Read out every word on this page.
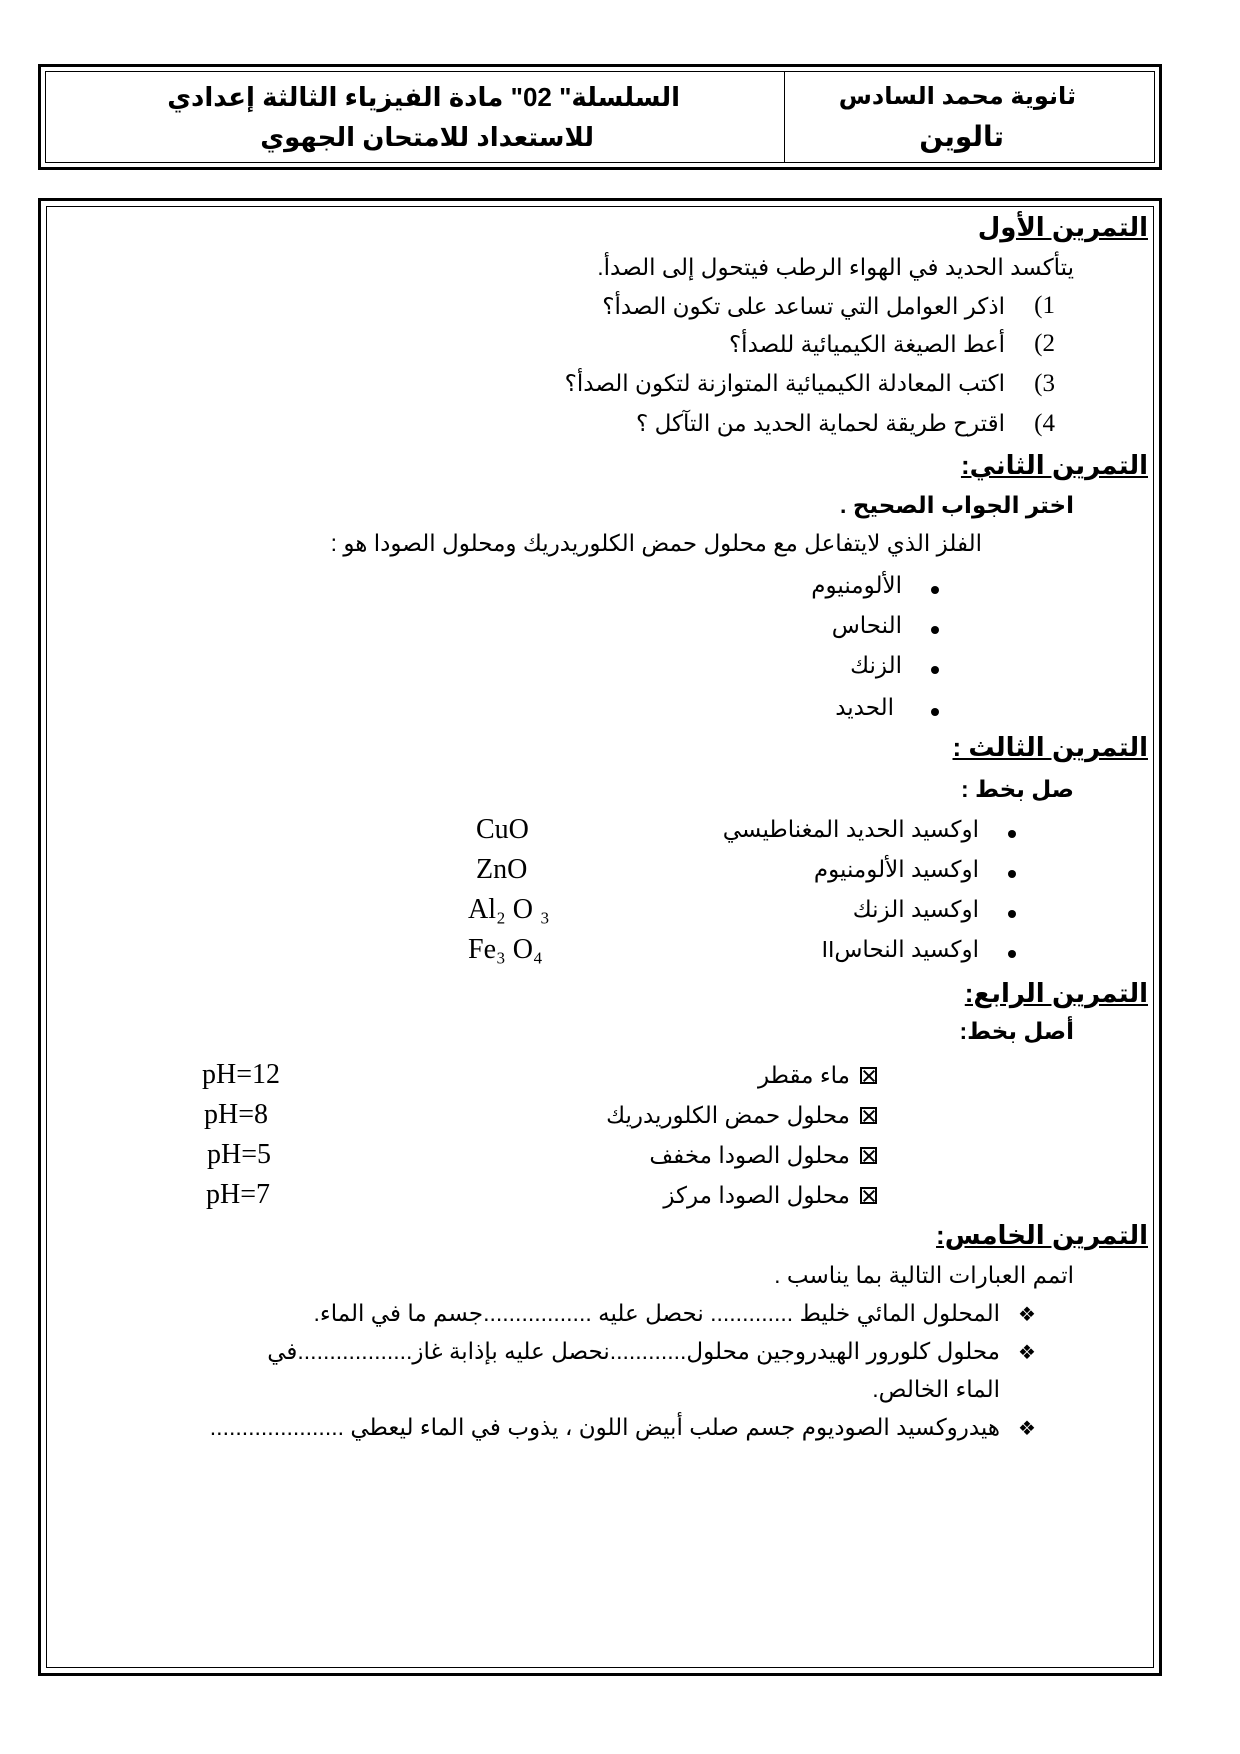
السلسلة" 02" مادة الفيزياء الثالثة إعدادي
للاستعداد للامتحان الجهوي
ثانوية محمد السادس
تالوين
التمرين الأول
يتأكسد الحديد في الهواء الرطب فيتحول إلى الصدأ.
1)
اذكر العوامل التي تساعد على تكون الصدأ؟
2)
أعط الصيغة الكيميائية للصدأ؟
3)
اكتب المعادلة الكيميائية المتوازنة لتكون الصدأ؟
4)
اقترح طريقة لحماية الحديد من التآكل ؟
التمرين الثاني:
اختر الجواب الصحيح .
الفلز الذي لايتفاعل مع محلول حمض الكلوريدريك ومحلول الصودا هو :
الألومنيوم
النحاس
الزنك
الحديد
التمرين الثالث :
صل بخط :
اوكسيد الحديد المغناطيسي
اوكسيد الألومنيوم
اوكسيد الزنك
اوكسيد النحاسII
CuO
ZnO
Al₂ O ₃
Fe₃ O₄
التمرين الرابع:
أصل بخط:
ماء مقطر
محلول حمض الكلوريدريك
محلول الصودا مخفف
محلول الصودا مركز
pH=12
pH=8
pH=5
pH=7
التمرين الخامس:
اتمم العبارات التالية بما يناسب .
❖
المحلول المائي خليط ............. نحصل عليه .................جسم ما في الماء.
❖
محلول كلورور الهيدروجين محلول............نحصل عليه بإذابة غاز..................في
الماء الخالص.
❖
هيدروكسيد الصوديوم جسم صلب أبيض اللون ، يذوب في الماء ليعطي .....................
